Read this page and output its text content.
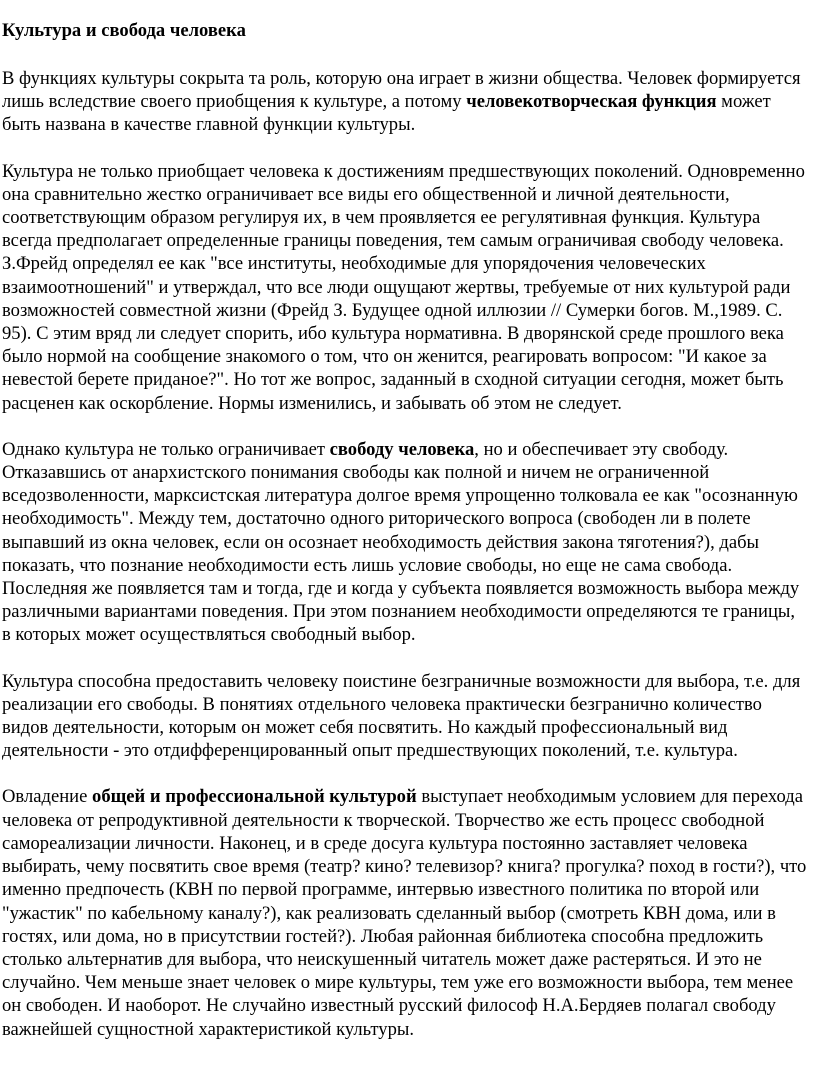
Культура и свобода человека

В функциях культуры сокрыта та роль, которую она играет в жизни общества. Человек формируется лишь вследствие своего приобщения к культуре, а потому человекотворческая функция может быть названа в качестве главной функции культуры.

Культура не только приобщает человека к достижениям предшествующих поколений. Одновременно она сравнительно жестко ограничивает все виды его общественной и личной деятельности, соответствующим образом регулируя их, в чем проявляется ее регулятивная функция. Культура всегда предполагает определенные границы поведения, тем самым ограничивая свободу человека. З.Фрейд определял ее как "все институты, необходимые для упорядочения человеческих взаимоотношений" и утверждал, что все люди ощущают жертвы, требуемые от них культурой ради возможностей совместной жизни (Фрейд З. Будущее одной иллюзии // Сумерки богов. М.,1989. С. 95). С этим вряд ли следует спорить, ибо культура нормативна. В дворянской среде прошлого века было нормой на сообщение знакомого о том, что он женится, реагировать вопросом: "И какое за невестой берете приданое?". Но тот же вопрос, заданный в сходной ситуации сегодня, может быть расценен как оскорбление. Нормы изменились, и забывать об этом не следует.

Однако культура не только ограничивает свободу человека, но и обеспечивает эту свободу. Отказавшись от анархистского понимания свободы как полной и ничем не ограниченной вседозволенности, марксистская литература долгое время упрощенно толковала ее как "осознанную необходимость". Между тем, достаточно одного риторического вопроса (свободен ли в полете выпавший из окна человек, если он осознает необходимость действия закона тяготения?), дабы показать, что познание необходимости есть лишь условие свободы, но еще не сама свобода. Последняя же появляется там и тогда, где и когда у субъекта появляется возможность выбора между различными вариантами поведения. При этом познанием необходимости определяются те границы, в которых может осуществляться свободный выбор.

Культура способна предоставить человеку поистине безграничные возможности для выбора, т.е. для реализации его свободы. В понятиях отдельного человека практически безгранично количество видов деятельности, которым он может себя посвятить. Но каждый профессиональный вид деятельности - это отдифференцированный опыт предшествующих поколений, т.е. культура.

Овладение общей и профессиональной культурой выступает необходимым условием для перехода человека от репродуктивной деятельности к творческой. Творчество же есть процесс свободной самореализации личности. Наконец, и в среде досуга культура постоянно заставляет человека выбирать, чему посвятить свое время (театр? кино? телевизор? книга? прогулка? поход в гости?), что именно предпочесть (КВН по первой программе, интервью известного политика по второй или "ужастик" по кабельному каналу?), как реализовать сделанный выбор (смотреть КВН дома, или в гостях, или дома, но в присутствии гостей?). Любая районная библиотека способна предложить столько альтернатив для выбора, что неискушенный читатель может даже растеряться. И это не случайно. Чем меньше знает человек о мире культуры, тем уже его возможности выбора, тем менее он свободен. И наоборот. Не случайно известный русский философ Н.А.Бердяев полагал свободу важнейшей сущностной характеристикой культуры.
